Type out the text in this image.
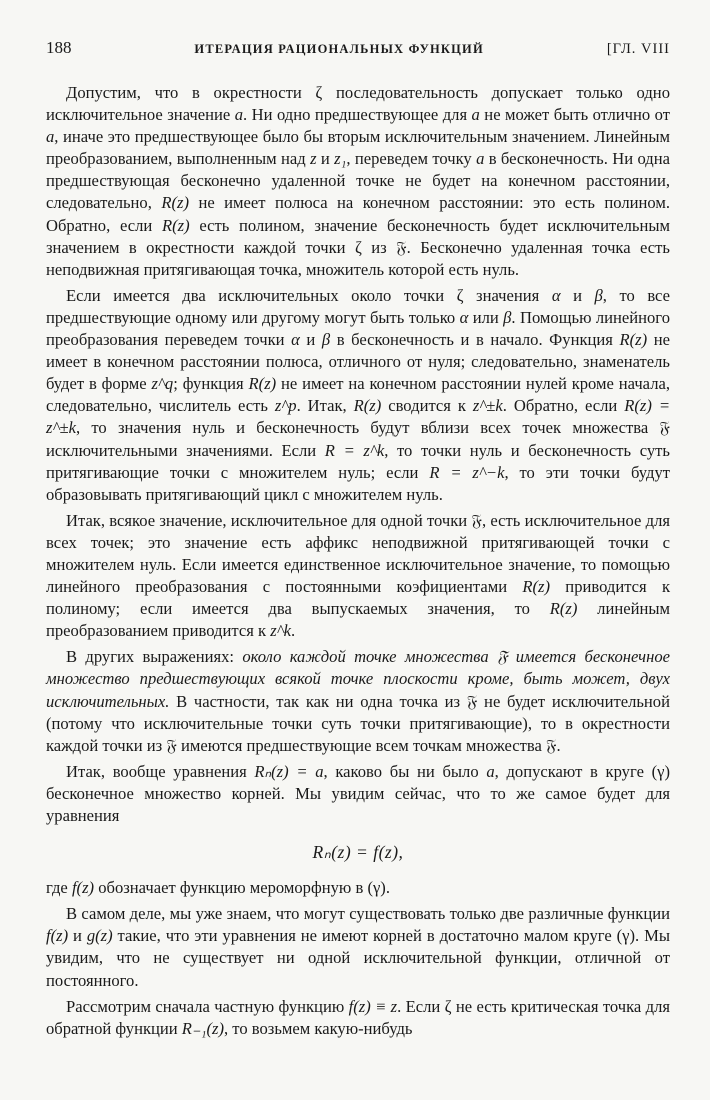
188	ИТЕРАЦИЯ РАЦИОНАЛЬНЫХ ФУНКЦИЙ	[ГЛ. VIII

Допустим, что в окрестности ζ последовательность допускает только одно исключительное значение a. Ни одно предшествующее для a не может быть отлично от a, иначе это предшествующее было бы вторым исключительным значением. Линейным преобразованием, выполненным над z и z₁, переведем точку a в бесконечность. Ни одна предшествующая бесконечно удаленной точке не будет на конечном расстоянии, следовательно, R(z) не имеет полюса на конечном расстоянии: это есть полином. Обратно, если R(z) есть полином, значение бесконечность будет исключительным значением в окрестности каждой точки ζ из 𝔉. Бесконечно удаленная точка есть неподвижная притягивающая точка, множитель которой есть нуль.

Если имеется два исключительных около точки ζ значения α и β, то все предшествующие одному или другому могут быть только α или β. Помощью линейного преобразования переведем точки α и β в бесконечность и в начало. Функция R(z) не имеет в конечном расстоянии полюса, отличного от нуля; следовательно, знаменатель будет в форме z^q; функция R(z) не имеет на конечном расстоянии нулей кроме начала, следовательно, числитель есть z^p. Итак, R(z) сводится к z^±k. Обратно, если R(z) = z^±k, то значения нуль и бесконечность будут вблизи всех точек множества 𝔉 исключительными значениями. Если R = z^k, то точки нуль и бесконечность суть притягивающие точки с множителем нуль; если R = z^−k, то эти точки будут образовывать притягивающий цикл с множителем нуль.

Итак, всякое значение, исключительное для одной точки 𝔉, есть исключительное для всех точек; это значение есть аффикс неподвижной притягивающей точки с множителем нуль. Если имеется единственное исключительное значение, то помощью линейного преобразования с постоянными коэфициентами R(z) приводится к полиному; если имеется два выпускаемых значения, то R(z) линейным преобразованием приводится к z^k.

В других выражениях: около каждой точке множества 𝔉 имеется бесконечное множество предшествующих всякой точке плоскости кроме, быть может, двух исключительных. В частности, так как ни одна точка из 𝔉 не будет исключительной (потому что исключительные точки суть точки притягивающие), то в окрестности каждой точки из 𝔉 имеются предшествующие всем точкам множества 𝔉.

Итак, вообще уравнения Rₙ(z) = a, каково бы ни было a, допускают в круге (γ) бесконечное множество корней. Мы увидим сейчас, что то же самое будет для уравнения

Rₙ(z) = f(z),

где f(z) обозначает функцию мероморфную в (γ).

В самом деле, мы уже знаем, что могут существовать только две различные функции f(z) и g(z) такие, что эти уравнения не имеют корней в достаточно малом круге (γ). Мы увидим, что не существует ни одной исключительной функции, отличной от постоянного.

Рассмотрим сначала частную функцию f(z) ≡ z. Если ζ не есть критическая точка для обратной функции R₋₁(z), то возьмем какую-нибудь
